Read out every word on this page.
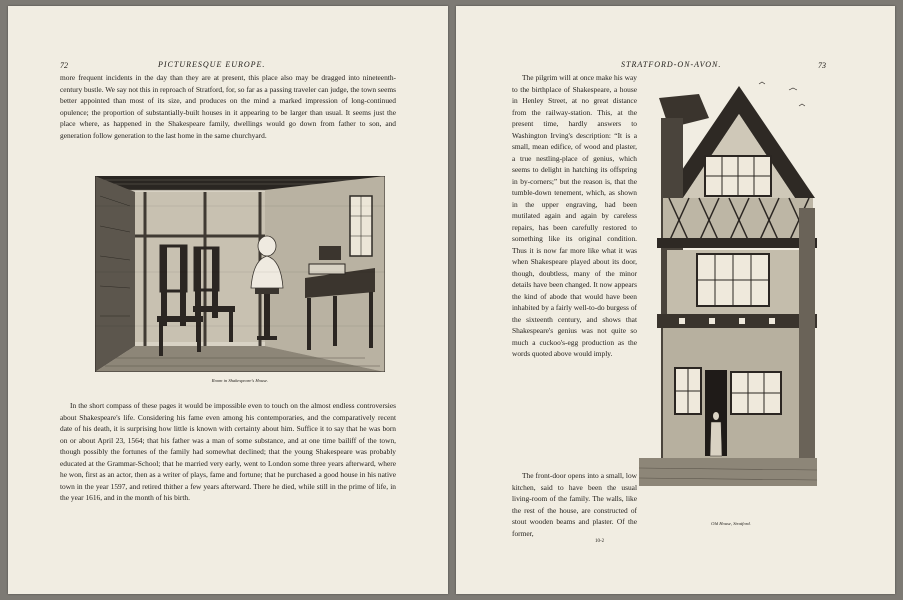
72	PICTURESQUE EUROPE.

more frequent incidents in the day than they are at present, this place also may be dragged into nineteenth-century bustle. We say not this in reproach of Stratford, for, so far as a passing traveler can judge, the town seems better appointed than most of its size, and produces on the mind a marked impression of long-continued opulence; the proportion of substantially-built houses in it appearing to be larger than usual. It seems just the place where, as happened in the Shakespeare family, dwellings would go down from father to son, and generation follow generation to the last home in the same churchyard.

Room in Shakespeare's House.

In the short compass of these pages it would be impossible even to touch on the almost endless controversies about Shakespeare's life. Considering his fame even among his contemporaries, and the comparatively recent date of his death, it is surprising how little is known with certainty about him. Suffice it to say that he was born on or about April 23, 1564; that his father was a man of some substance, and at one time bailiff of the town, though possibly the fortunes of the family had somewhat declined; that the young Shakespeare was probably educated at the Grammar-School; that he married very early, went to London some three years afterward, where he won, first as an actor, then as a writer of plays, fame and fortune; that he purchased a good house in his native town in the year 1597, and retired thither a few years afterward. There he died, while still in the prime of life, in the year 1616, and in the month of his birth.

STRATFORD-ON-AVON.	73

The pilgrim will at once make his way to the birthplace of Shakespeare, a house in Henley Street, at no great distance from the railway-station. This, at the present time, hardly answers to Washington Irving's description: “It is a small, mean edifice, of wood and plaster, a true nestling-place of genius, which seems to delight in hatching its offspring in by-corners;” but the reason is, that the tumble-down tenement, which, as shown in the upper engraving, had been mutilated again and again by careless repairs, has been carefully restored to something like its original condition. Thus it is now far more like what it was when Shakespeare played about its door, though, doubtless, many of the minor details have been changed. It now appears the kind of abode that would have been inhabited by a fairly well-to-do burgess of the sixteenth century, and shows that Shakespeare's genius was not quite so much a cuckoo's-egg production as the words quoted above would imply.

The front-door opens into a small, low kitchen, said to have been the usual living-room of the family. The walls, like the rest of the house, are constructed of stout wooden beams and plaster. Of the former,

10-2
Old House, Stratford.
